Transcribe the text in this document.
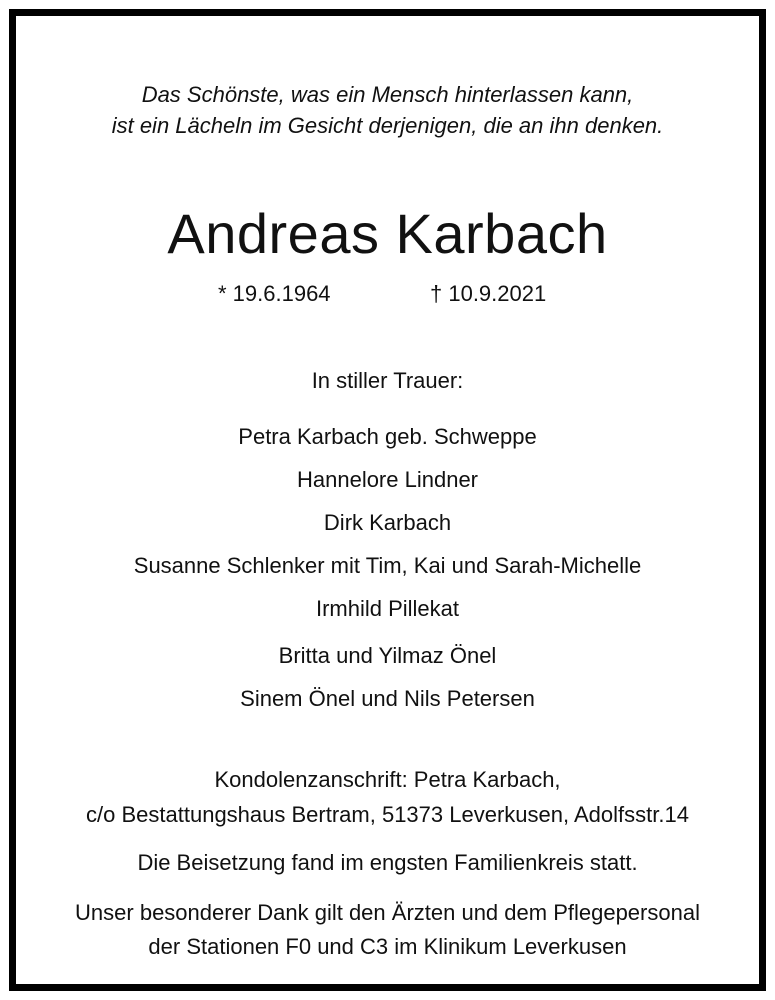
Das Schönste, was ein Mensch hinterlassen kann,
ist ein Lächeln im Gesicht derjenigen, die an ihn denken.
Andreas Karbach
* 19.6.1964	† 10.9.2021
In stiller Trauer:
Petra Karbach geb. Schweppe
Hannelore Lindner
Dirk Karbach
Susanne Schlenker mit Tim, Kai und Sarah-Michelle
Irmhild Pillekat
Britta und Yilmaz Önel
Sinem Önel und Nils Petersen
Kondolenzanschrift: Petra Karbach,
c/o Bestattungshaus Bertram, 51373 Leverkusen, Adolfsstr.14
Die Beisetzung fand im engsten Familienkreis statt.
Unser besonderer Dank gilt den Ärzten und dem Pflegepersonal
der Stationen F0 und C3 im Klinikum Leverkusen
